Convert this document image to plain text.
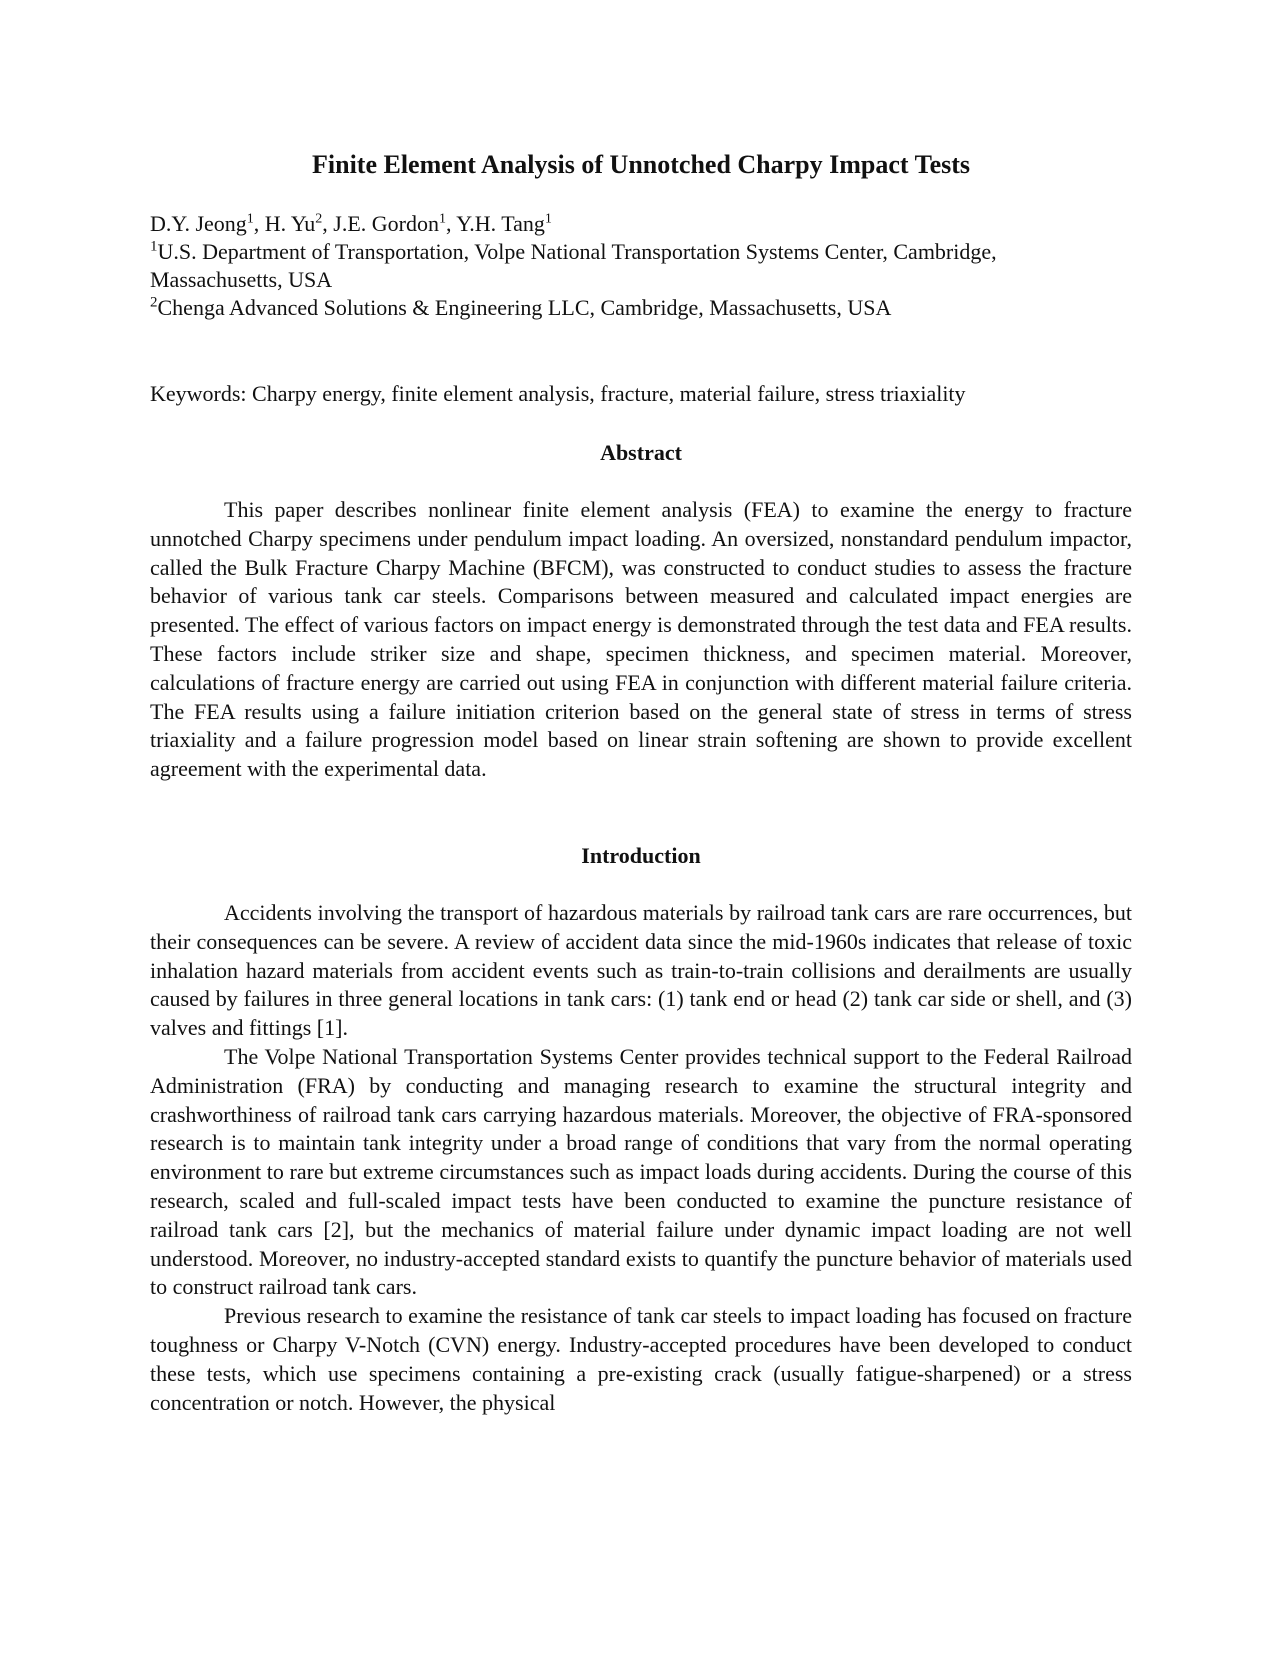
Finite Element Analysis of Unnotched Charpy Impact Tests

D.Y. Jeong$^1$, H. Yu$^2$, J.E. Gordon$^1$, Y.H. Tang$^1$

$^1$U.S. Department of Transportation, Volpe National Transportation Systems Center, Cambridge, Massachusetts, USA

$^2$Chenga Advanced Solutions & Engineering LLC, Cambridge, Massachusetts, USA

Keywords: Charpy energy, finite element analysis, fracture, material failure, stress triaxiality

Abstract

This paper describes nonlinear finite element analysis (FEA) to examine the energy to fracture unnotched Charpy specimens under pendulum impact loading. An oversized, nonstandard pendulum impactor, called the Bulk Fracture Charpy Machine (BFCM), was constructed to conduct studies to assess the fracture behavior of various tank car steels. Comparisons between measured and calculated impact energies are presented. The effect of various factors on impact energy is demonstrated through the test data and FEA results. These factors include striker size and shape, specimen thickness, and specimen material. Moreover, calculations of fracture energy are carried out using FEA in conjunction with different material failure criteria. The FEA results using a failure initiation criterion based on the general state of stress in terms of stress triaxiality and a failure progression model based on linear strain softening are shown to provide excellent agreement with the experimental data.

Introduction

Accidents involving the transport of hazardous materials by railroad tank cars are rare occurrences, but their consequences can be severe. A review of accident data since the mid-1960s indicates that release of toxic inhalation hazard materials from accident events such as train-to-train collisions and derailments are usually caused by failures in three general locations in tank cars: (1) tank end or head (2) tank car side or shell, and (3) valves and fittings [1].

The Volpe National Transportation Systems Center provides technical support to the Federal Railroad Administration (FRA) by conducting and managing research to examine the structural integrity and crashworthiness of railroad tank cars carrying hazardous materials. Moreover, the objective of FRA-sponsored research is to maintain tank integrity under a broad range of conditions that vary from the normal operating environment to rare but extreme circumstances such as impact loads during accidents. During the course of this research, scaled and full-scaled impact tests have been conducted to examine the puncture resistance of railroad tank cars [2], but the mechanics of material failure under dynamic impact loading are not well understood. Moreover, no industry-accepted standard exists to quantify the puncture behavior of materials used to construct railroad tank cars.

Previous research to examine the resistance of tank car steels to impact loading has focused on fracture toughness or Charpy V-Notch (CVN) energy. Industry-accepted procedures have been developed to conduct these tests, which use specimens containing a pre-existing crack (usually fatigue-sharpened) or a stress concentration or notch. However, the physical
